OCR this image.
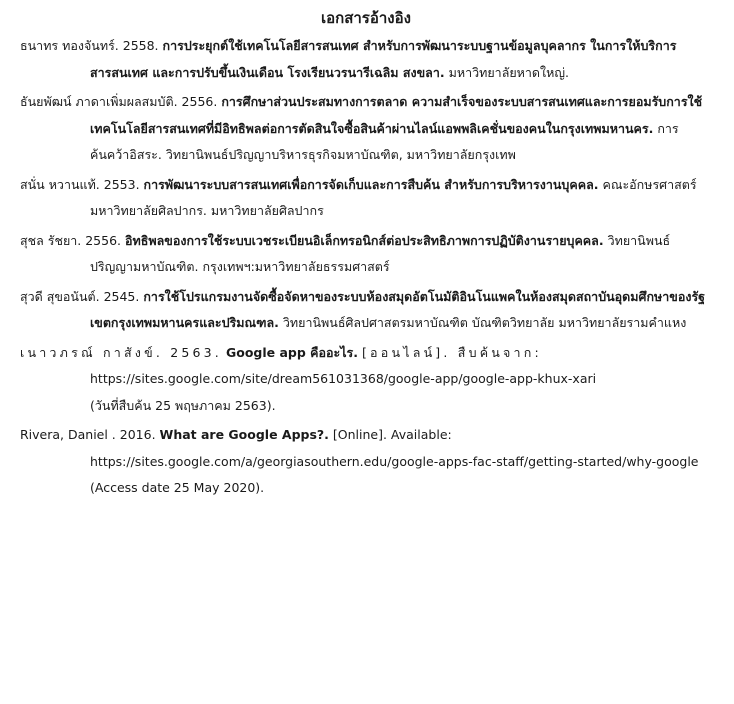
เอกสารอ้างอิง
ธนาทร ทองจันทร์. 2558. การประยุกต์ใช้เทคโนโลยีสารสนเทศ สำหรับการพัฒนาระบบฐานข้อมูลบุคลากร ในการให้บริการสารสนเทศ และการปรับขึ้นเงินเดือน โรงเรียนวรนารีเฉลิม สงขลา. มหาวิทยาลัยหาดใหญ่.
ธันยพัฒน์ ภาดาเพิ่มผลสมบัติ. 2556. การศึกษาส่วนประสมทางการตลาด ความสำเร็จของระบบสารสนเทศและการยอมรับการใช้เทคโนโลยีสารสนเทศที่มีอิทธิพลต่อการตัดสินใจซื้อสินค้าผ่านไลน์แอพพลิเคชั่นของคนในกรุงเทพมหานคร. การค้นคว้าอิสระ. วิทยานิพนธ์ปริญญาบริหารธุรกิจมหาบัณฑิต, มหาวิทยาลัยกรุงเทพ
สนั่น หวานแท้. 2553. การพัฒนาระบบสารสนเทศเพื่อการจัดเก็บและการสืบค้น สำหรับการบริหารงานบุคคล. คณะอักษรศาสตร์ มหาวิทยาลัยศิลปากร. มหาวิทยาลัยศิลปากร
สุชล รัชยา. 2556. อิทธิพลของการใช้ระบบเวชระเบียนอิเล็กทรอนิกส์ต่อประสิทธิภาพการปฏิบัติงานรายบุคคล. วิทยานิพนธ์ปริญญามหาบัณฑิต. กรุงเทพฯ:มหาวิทยาลัยธรรมศาสตร์
สุวดี สุขอนันต์. 2545. การใช้โปรแกรมงานจัดซื้อจัดหาของระบบห้องสมุดอัตโนมัติอินโนแพคในห้องสมุดสถาบันอุดมศึกษาของรัฐเขตกรุงเทพมหานครและปริมณฑล. วิทยานิพนธ์ศิลปศาสตรมหาบัณฑิต บัณฑิตวิทยาลัย มหาวิทยาลัยรามคำแหง
เนาวภรณ์ กาสังข์. 2563. Google app คืออะไร. [ออนไลน์]. สืบค้นจาก:
https://sites.google.com/site/dream561031368/google-app/google-app-khux-xari
(วันที่สืบค้น 25 พฤษภาคม 2563).
Rivera, Daniel . 2016. What are Google Apps?. [Online]. Available:
https://sites.google.com/a/georgiasouthern.edu/google-apps-fac-staff/getting-started/why-google
(Access date 25 May 2020).
